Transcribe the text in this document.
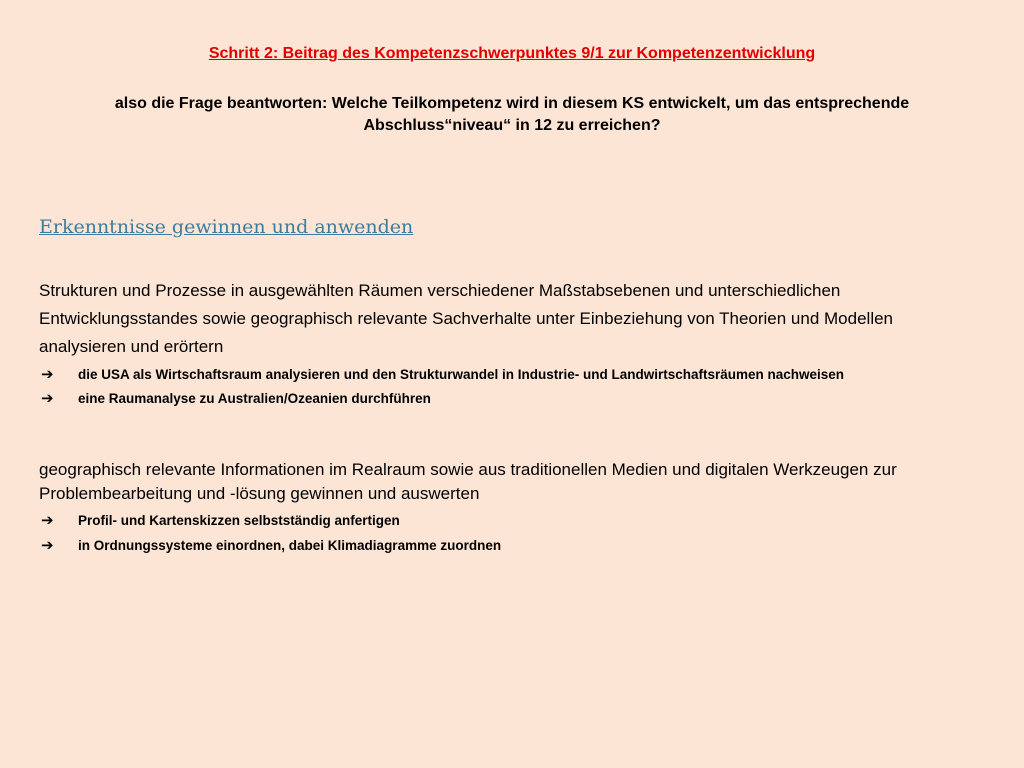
Schritt 2: Beitrag des Kompetenzschwerpunktes 9/1 zur Kompetenzentwicklung
also die Frage beantworten: Welche Teilkompetenz wird in diesem KS entwickelt, um das entsprechende
Abschluss“niveau“ in 12 zu erreichen?
Erkenntnisse gewinnen und anwenden
Strukturen und Prozesse in ausgewählten Räumen verschiedener Maßstabsebenen und unterschiedlichen
Entwicklungsstandes sowie geographisch relevante Sachverhalte unter Einbeziehung von Theorien und Modellen
analysieren und erörtern
➔	die USA als Wirtschaftsraum analysieren und den Strukturwandel in Industrie- und Landwirtschaftsräumen nachweisen
➔	eine Raumanalyse zu Australien/Ozeanien durchführen
geographisch relevante Informationen im Realraum sowie aus traditionellen Medien und digitalen Werkzeugen zur
Problembearbeitung und -lösung gewinnen und auswerten
➔	Profil- und Kartenskizzen selbstständig anfertigen
➔	in Ordnungssysteme einordnen, dabei Klimadiagramme zuordnen
